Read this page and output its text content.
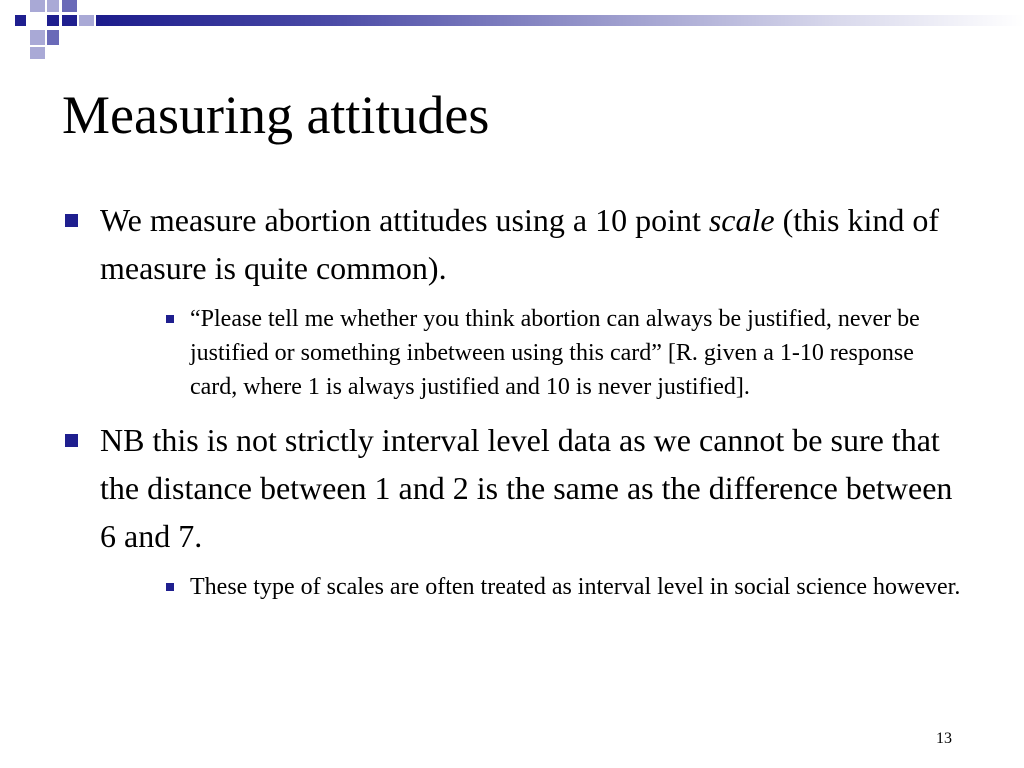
Measuring attitudes

We measure abortion attitudes using a 10 point scale (this kind of measure is quite common).

“Please tell me whether you think abortion can always be justified, never be justified or something inbetween using this card” [R. given a 1-10 response card, where 1 is always justified and 10 is never justified].

NB this is not strictly interval level data as we cannot be sure that the distance between 1 and 2 is the same as the difference between 6 and 7.

These type of scales are often treated as interval level in social science however.

13
